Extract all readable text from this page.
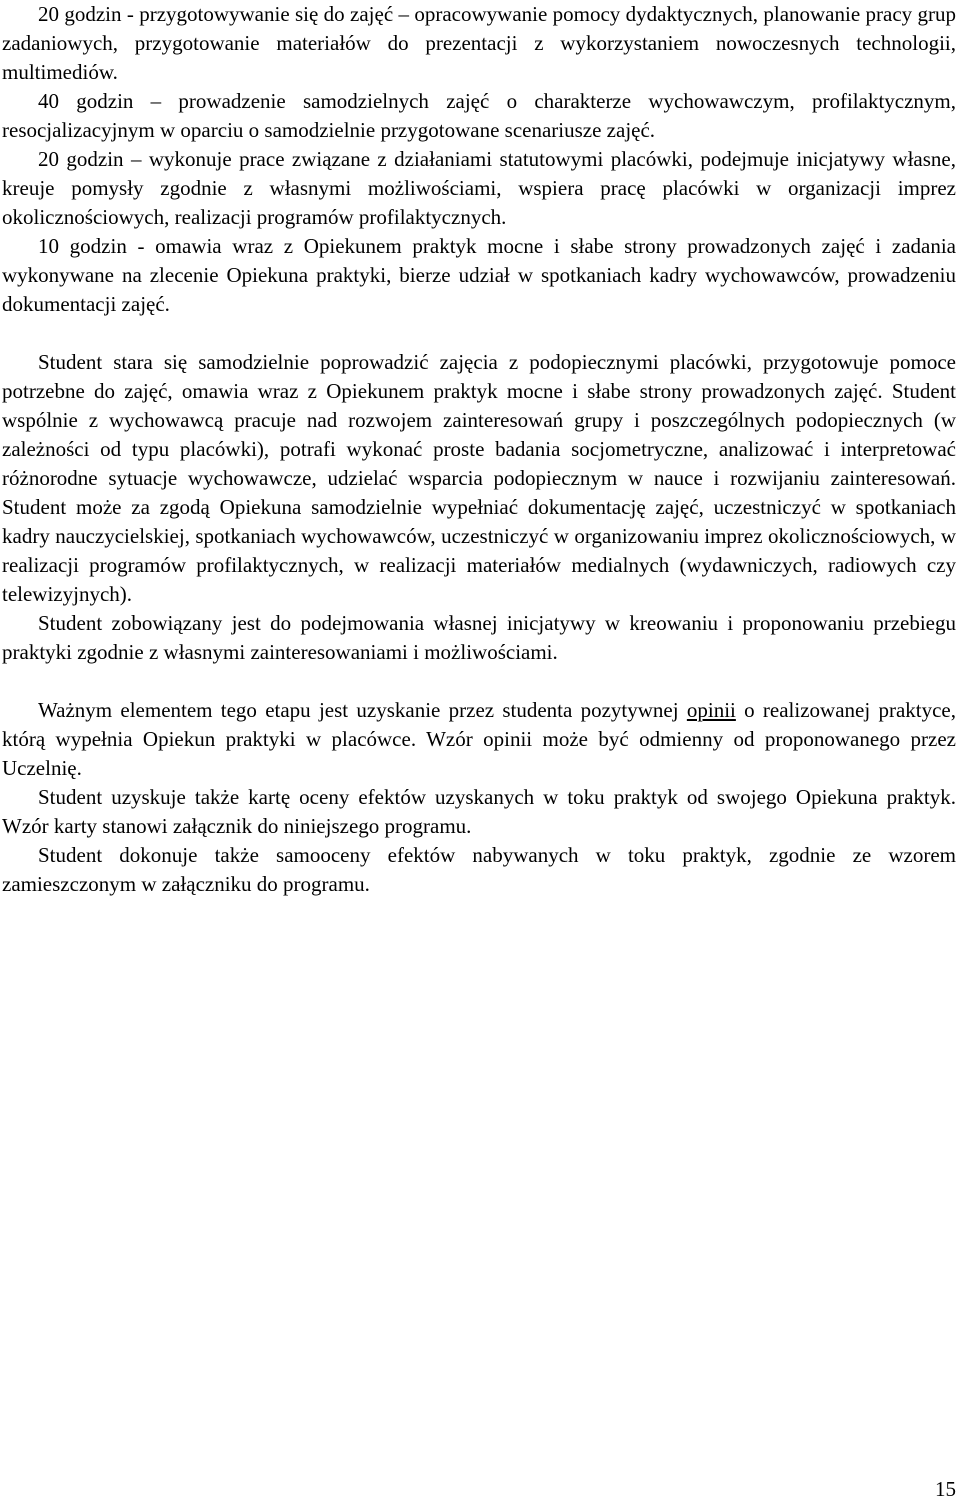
20 godzin - przygotowywanie się do zajęć – opracowywanie pomocy dydaktycznych, planowanie pracy grup zadaniowych, przygotowanie materiałów do prezentacji z wykorzystaniem nowoczesnych technologii, multimediów.

40 godzin – prowadzenie samodzielnych zajęć o charakterze wychowawczym, profilaktycznym, resocjalizacyjnym w oparciu o samodzielnie przygotowane scenariusze zajęć.

20 godzin – wykonuje prace związane z działaniami statutowymi placówki, podejmuje inicjatywy własne, kreuje pomysły zgodnie z własnymi możliwościami, wspiera pracę placówki w organizacji imprez okolicznościowych, realizacji programów profilaktycznych.

10 godzin - omawia wraz z Opiekunem praktyk mocne i słabe strony prowadzonych zajęć i zadania wykonywane na zlecenie Opiekuna praktyki, bierze udział w spotkaniach kadry wychowawców, prowadzeniu dokumentacji zajęć.

Student stara się samodzielnie poprowadzić zajęcia z podopiecznymi placówki, przygotowuje pomoce potrzebne do zajęć, omawia wraz z Opiekunem praktyk mocne i słabe strony prowadzonych zajęć. Student wspólnie z wychowawcą pracuje nad rozwojem zainteresowań grupy i poszczególnych podopiecznych (w zależności od typu placówki), potrafi wykonać proste badania socjometryczne, analizować i interpretować różnorodne sytuacje wychowawcze, udzielać wsparcia podopiecznym w nauce i rozwijaniu zainteresowań. Student może za zgodą Opiekuna samodzielnie wypełniać dokumentację zajęć, uczestniczyć w spotkaniach kadry nauczycielskiej, spotkaniach wychowawców, uczestniczyć w organizowaniu imprez okolicznościowych, w realizacji programów profilaktycznych, w realizacji materiałów medialnych (wydawniczych, radiowych czy telewizyjnych).

Student zobowiązany jest do podejmowania własnej inicjatywy w kreowaniu i proponowaniu przebiegu praktyki zgodnie z własnymi zainteresowaniami i możliwościami.

Ważnym elementem tego etapu jest uzyskanie przez studenta pozytywnej opinii o realizowanej praktyce, którą wypełnia Opiekun praktyki w placówce. Wzór opinii może być odmienny od proponowanego przez Uczelnię.

Student uzyskuje także kartę oceny efektów uzyskanych w toku praktyk od swojego Opiekuna praktyk. Wzór karty stanowi załącznik do niniejszego programu.

Student dokonuje także samooceny efektów nabywanych w toku praktyk, zgodnie ze wzorem zamieszczonym w załączniku do programu.

15
